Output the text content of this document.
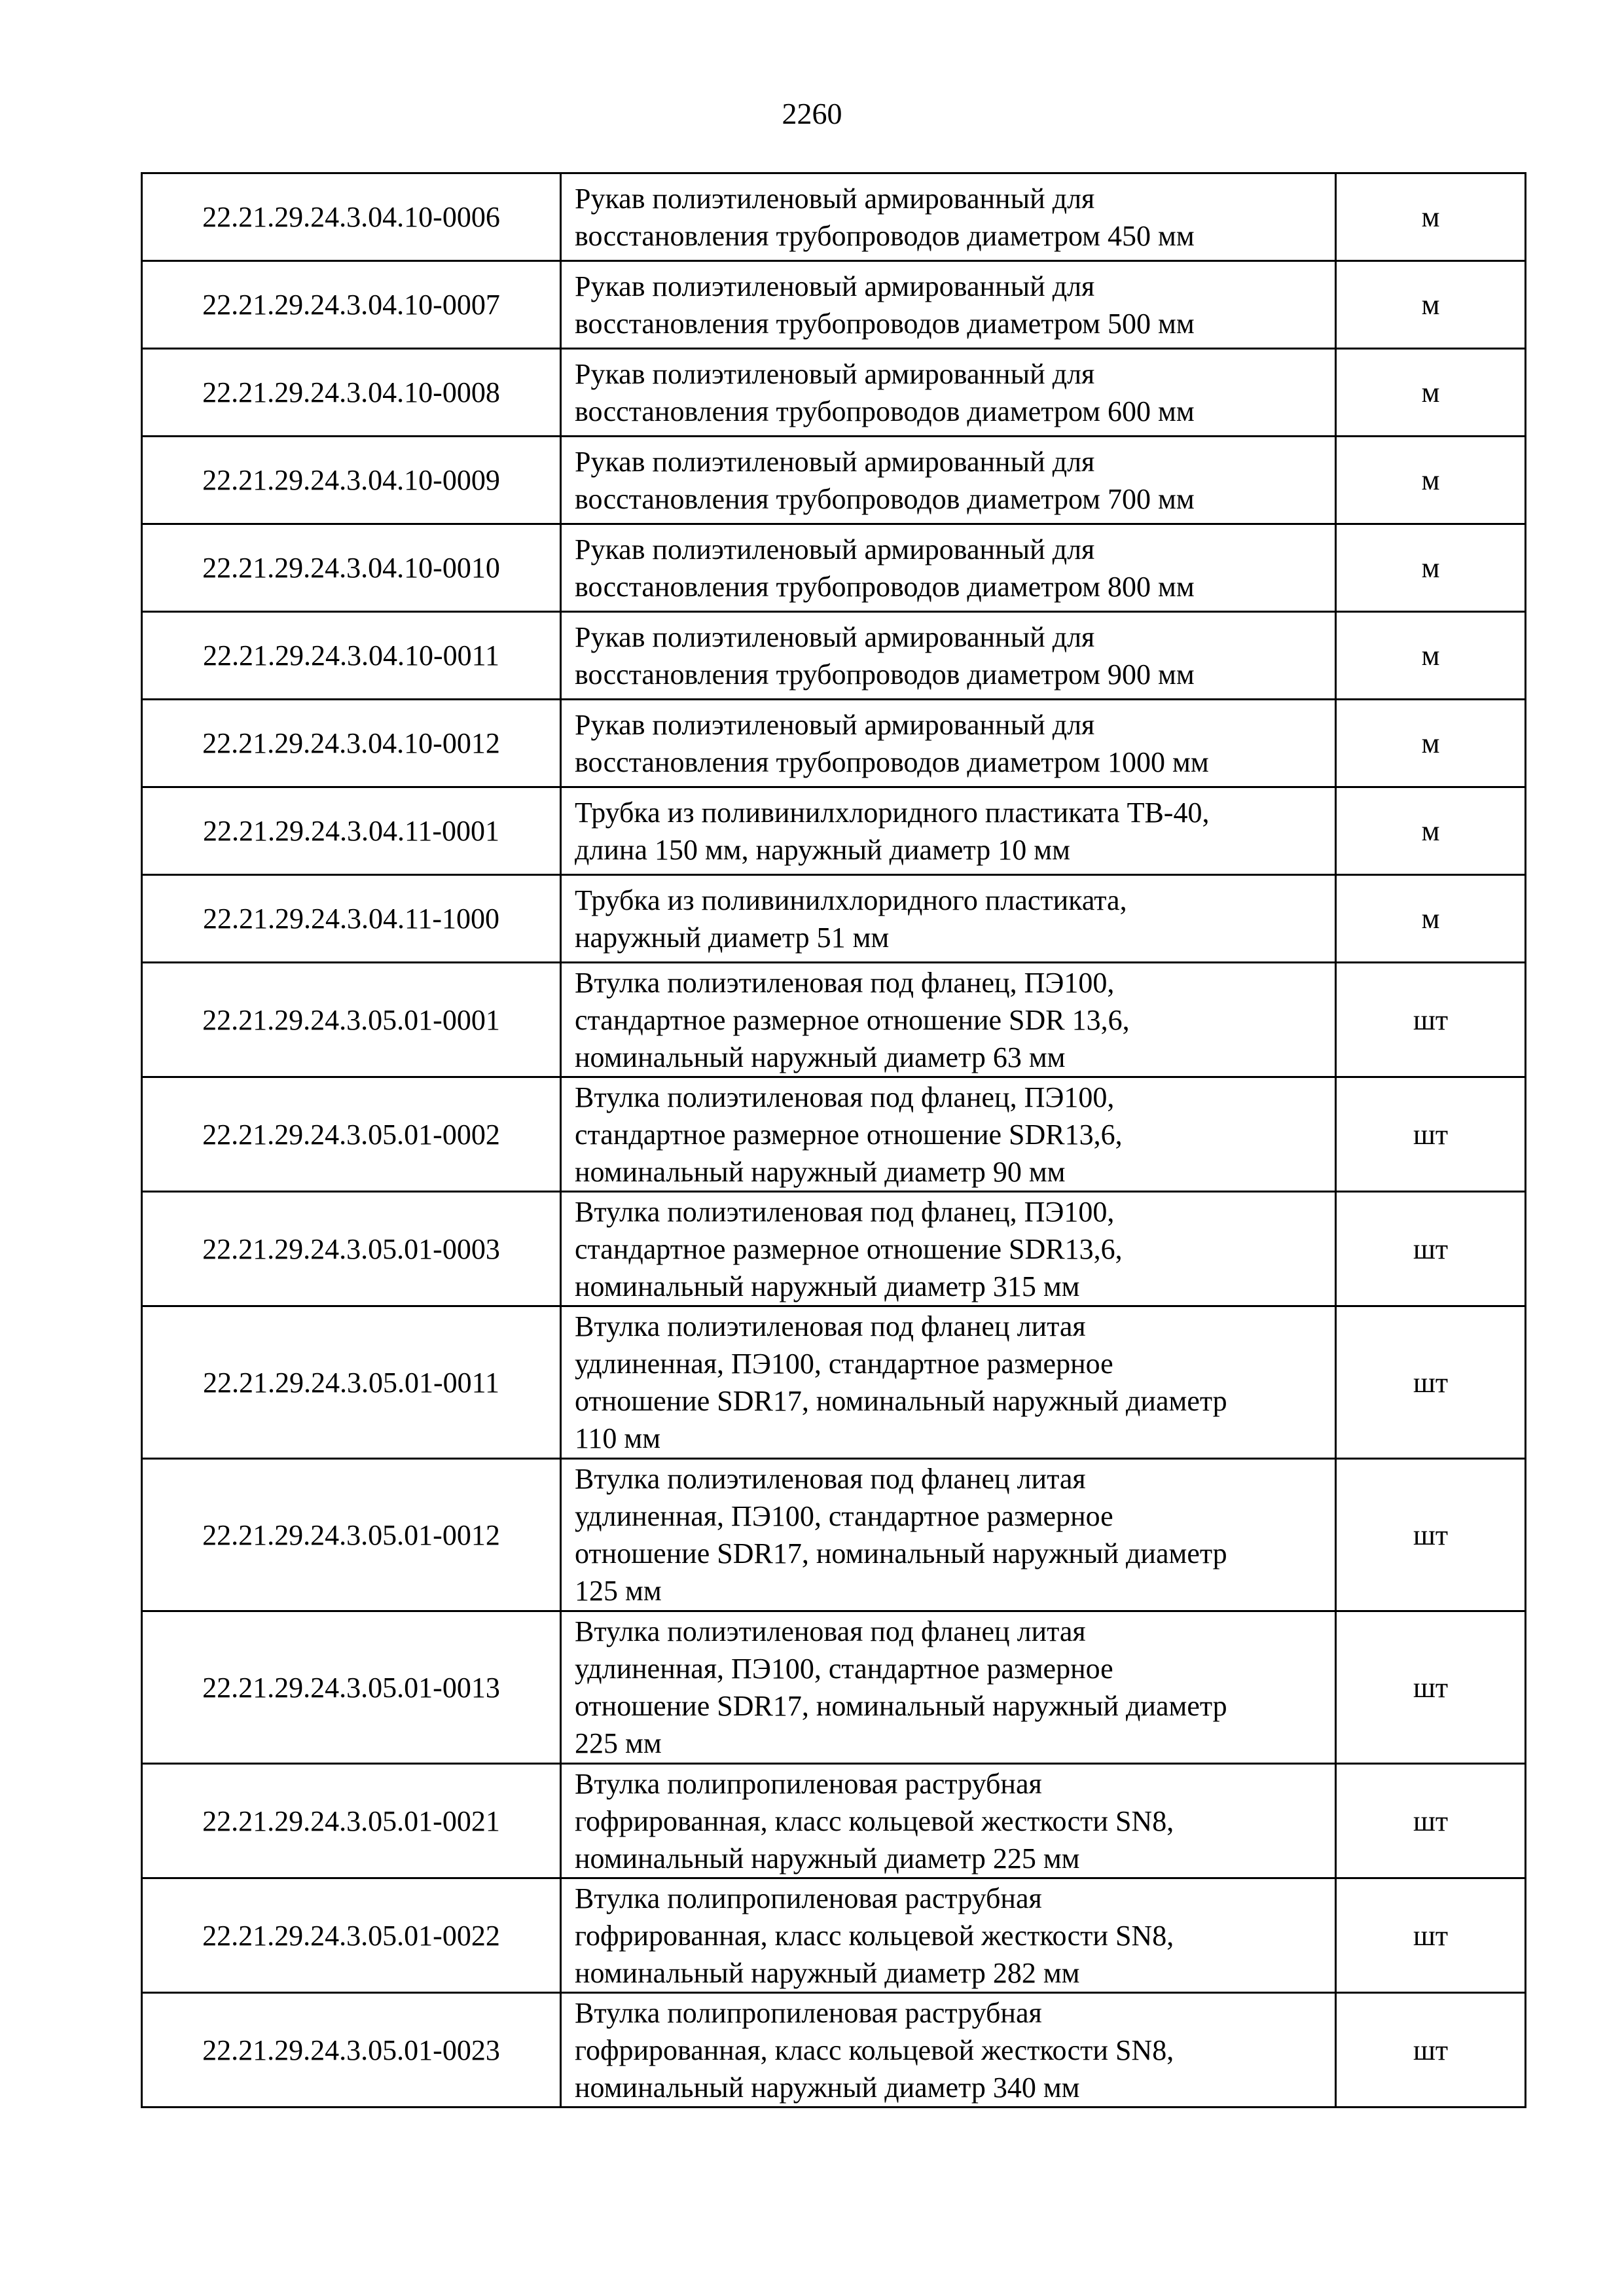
2260
22.21.29.24.3.04.10-0006	Рукав полиэтиленовый армированный для
восстановления трубопроводов диаметром 450 мм	м
22.21.29.24.3.04.10-0007	Рукав полиэтиленовый армированный для
восстановления трубопроводов диаметром 500 мм	м
22.21.29.24.3.04.10-0008	Рукав полиэтиленовый армированный для
восстановления трубопроводов диаметром 600 мм	м
22.21.29.24.3.04.10-0009	Рукав полиэтиленовый армированный для
восстановления трубопроводов диаметром 700 мм	м
22.21.29.24.3.04.10-0010	Рукав полиэтиленовый армированный для
восстановления трубопроводов диаметром 800 мм	м
22.21.29.24.3.04.10-0011	Рукав полиэтиленовый армированный для
восстановления трубопроводов диаметром 900 мм	м
22.21.29.24.3.04.10-0012	Рукав полиэтиленовый армированный для
восстановления трубопроводов диаметром 1000 мм	м
22.21.29.24.3.04.11-0001	Трубка из поливинилхлоридного пластиката ТВ-40,
длина 150 мм, наружный диаметр 10 мм	м
22.21.29.24.3.04.11-1000	Трубка из поливинилхлоридного пластиката,
наружный диаметр 51 мм	м
22.21.29.24.3.05.01-0001	Втулка полиэтиленовая под фланец, ПЭ100,
стандартное размерное отношение SDR 13,6,
номинальный наружный диаметр 63 мм	шт
22.21.29.24.3.05.01-0002	Втулка полиэтиленовая под фланец, ПЭ100,
стандартное размерное отношение SDR13,6,
номинальный наружный диаметр 90 мм	шт
22.21.29.24.3.05.01-0003	Втулка полиэтиленовая под фланец, ПЭ100,
стандартное размерное отношение SDR13,6,
номинальный наружный диаметр 315 мм	шт
22.21.29.24.3.05.01-0011	Втулка полиэтиленовая под фланец литая
удлиненная, ПЭ100, стандартное размерное
отношение SDR17, номинальный наружный диаметр
110 мм	шт
22.21.29.24.3.05.01-0012	Втулка полиэтиленовая под фланец литая
удлиненная, ПЭ100, стандартное размерное
отношение SDR17, номинальный наружный диаметр
125 мм	шт
22.21.29.24.3.05.01-0013	Втулка полиэтиленовая под фланец литая
удлиненная, ПЭ100, стандартное размерное
отношение SDR17, номинальный наружный диаметр
225 мм	шт
22.21.29.24.3.05.01-0021	Втулка полипропиленовая раструбная
гофрированная, класс кольцевой жесткости SN8,
номинальный наружный диаметр 225 мм	шт
22.21.29.24.3.05.01-0022	Втулка полипропиленовая раструбная
гофрированная, класс кольцевой жесткости SN8,
номинальный наружный диаметр 282 мм	шт
22.21.29.24.3.05.01-0023	Втулка полипропиленовая раструбная
гофрированная, класс кольцевой жесткости SN8,
номинальный наружный диаметр 340 мм	шт
